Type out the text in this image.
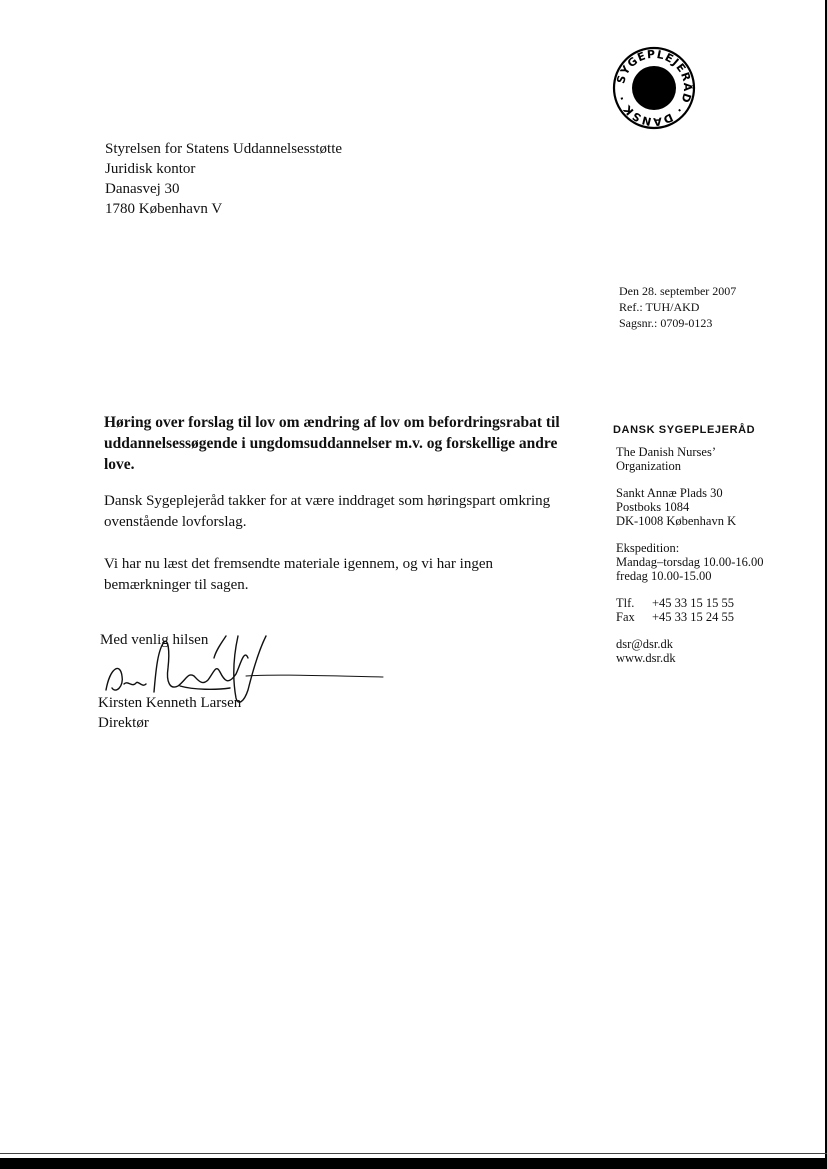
SYGEPLEJERÅD · DANSK ·
Styrelsen for Statens Uddannelsesstøtte
Juridisk kontor
Danasvej 30
1780 København V
Den 28. september 2007
Ref.: TUH/AKD
Sagsnr.: 0709-0123
Høring over forslag til lov om ændring af lov om befordringsrabat til uddannelsessøgende i ungdomsuddannelser m.v. og forskellige andre love.
Dansk Sygeplejeråd takker for at være inddraget som høringspart omkring ovenstående lovforslag.
Vi har nu læst det fremsendte materiale igennem, og vi har ingen bemærkninger til sagen.
Med venlig hilsen
Kirsten Kenneth Larsen
Direktør
DANSK SYGEPLEJERÅD
The Danish Nurses’
Organization
Sankt Annæ Plads 30
Postboks 1084
DK-1008 København K
Ekspedition:
Mandag–torsdag 10.00-16.00
fredag 10.00-15.00
Tlf. +45 33 15 15 55
Fax +45 33 15 24 55
dsr@dsr.dk
www.dsr.dk
